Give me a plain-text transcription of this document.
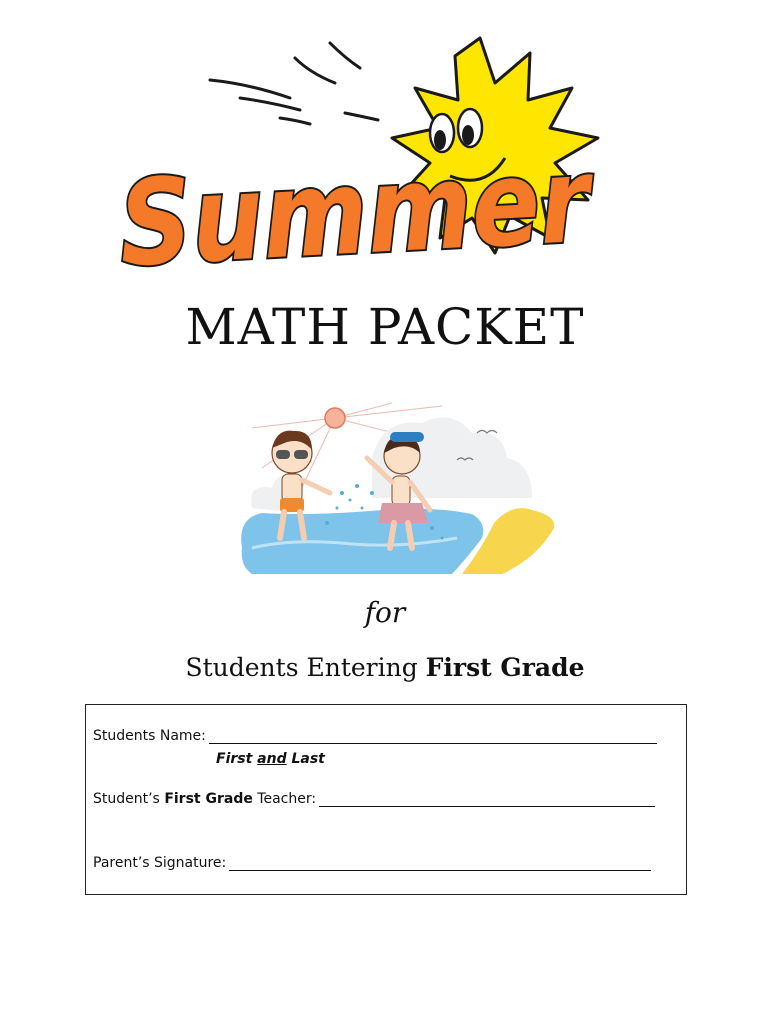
Summer
MATH PACKET
for
Students Entering First Grade
Students Name:
First and Last
Student’s
First Grade
Teacher:
Parent’s Signature:
